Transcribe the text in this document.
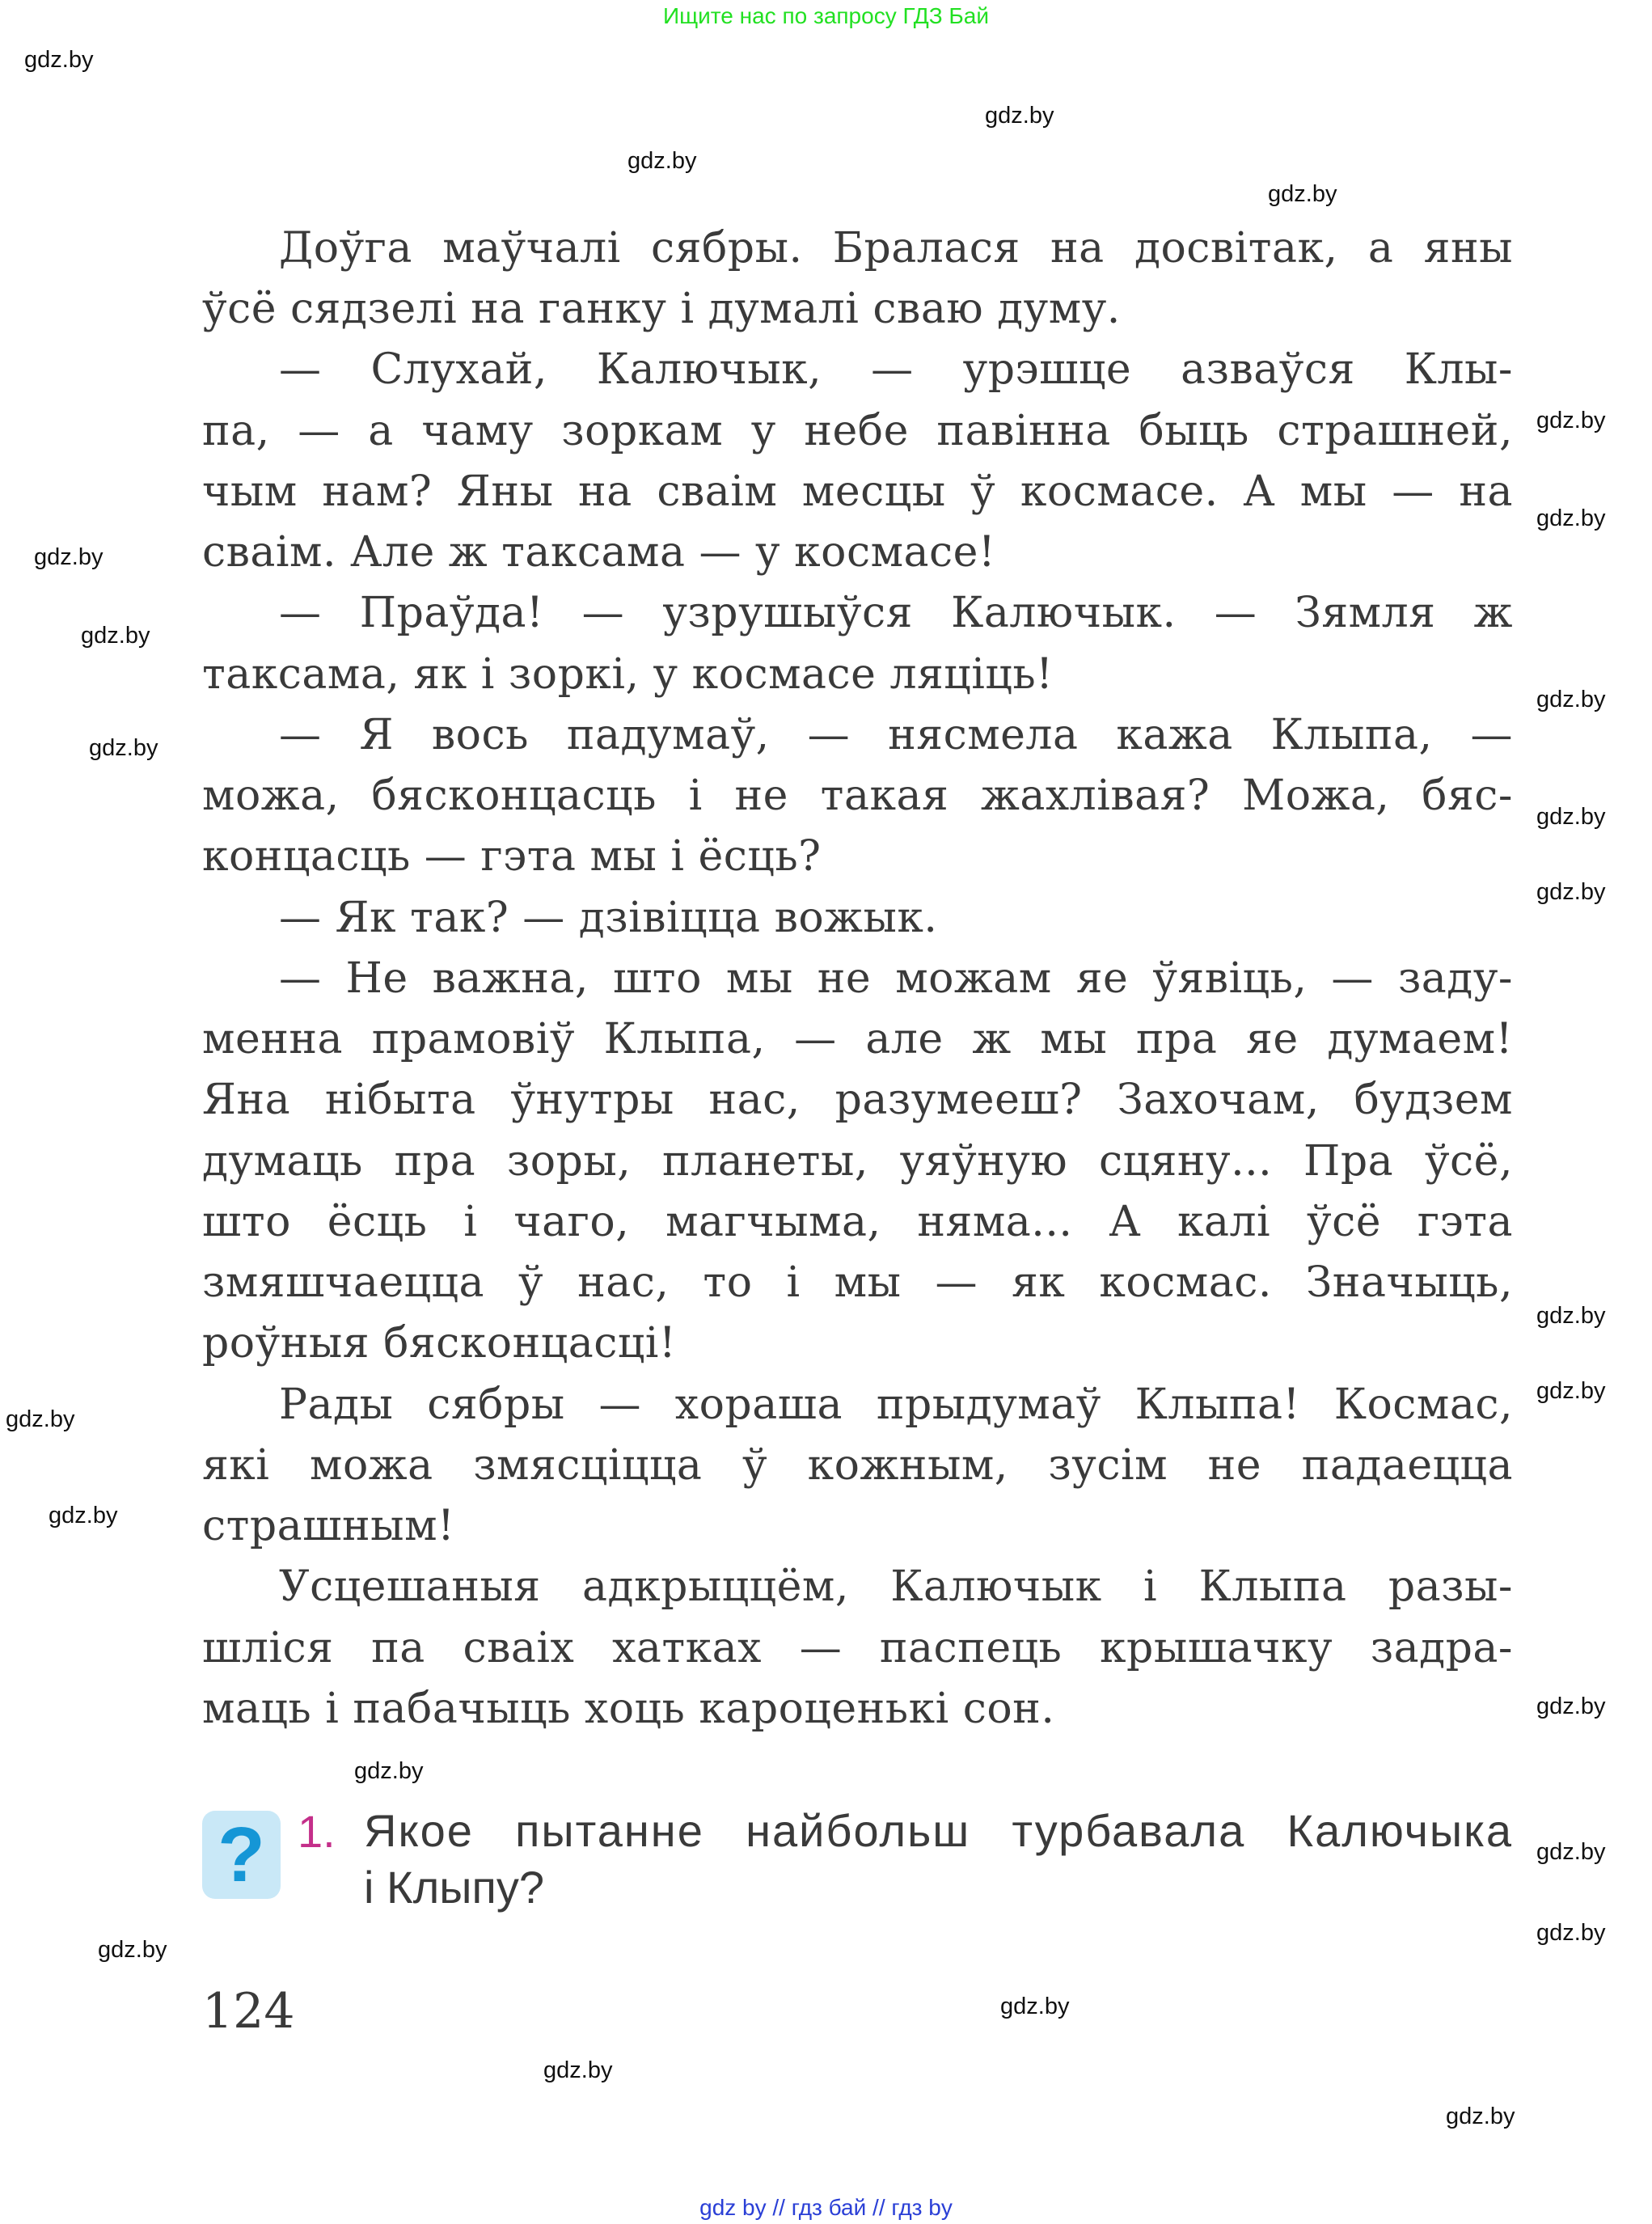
Ищите нас по запросу ГДЗ Бай
Доўга маўчалі сябры. Бралася на досвітак, а яны
ўсё сядзелі на ганку і думалі сваю думу.
— Слухай, Калючык, — урэшце азваўся Клы-
па, — а чаму зоркам у небе павінна быць страшней,
чым нам? Яны на сваім месцы ў космасе. А мы — на
сваім. Але ж таксама — у космасе!
— Праўда! — узрушыўся Калючык. — Зямля ж
таксама, як і зоркі, у космасе ляціць!
— Я вось падумаў, — нясмела кажа Клыпа, —
можа, бясконцасць і не такая жахлівая? Можа, бяс-
концасць — гэта мы і ёсць?
— Як так? — дзівіцца вожык.
— Не важна, што мы не можам яе ўявіць, — заду-
менна прамовіў Клыпа, — але ж мы пра яе думаем!
Яна нібыта ўнутры нас, разумееш? Захочам, будзем
думаць пра зоры, планеты, уяўную сцяну... Пра ўсё,
што ёсць і чаго, магчыма, няма... А калі ўсё гэта
змяшчаецца ў нас, то і мы — як космас. Значыць,
роўныя бясконцасці!
Рады сябры — хораша прыдумаў Клыпа! Космас,
які можа змясціцца ў кожным, зусім не падаецца
страшным!
Усцешаныя адкрыццём, Калючык і Клыпа разы-
шліся па сваіх хатках — паспець крышачку задра-
маць і пабачыць хоць кароценькі сон.
? 1. Якое пытанне найбольш турбавала Калючыка
і Клыпу?
124
gdz.by
gdz.by
gdz.by
gdz.by
gdz.by
gdz.by
gdz.by
gdz.by
gdz.by
gdz.by
gdz.by
gdz.by
gdz.by
gdz.by
gdz.by
gdz.by
gdz.by
gdz.by
gdz.by
gdz.by
gdz.by
gdz.by
gdz.by
gdz.by
gdz by // гдз бай // гдз by
